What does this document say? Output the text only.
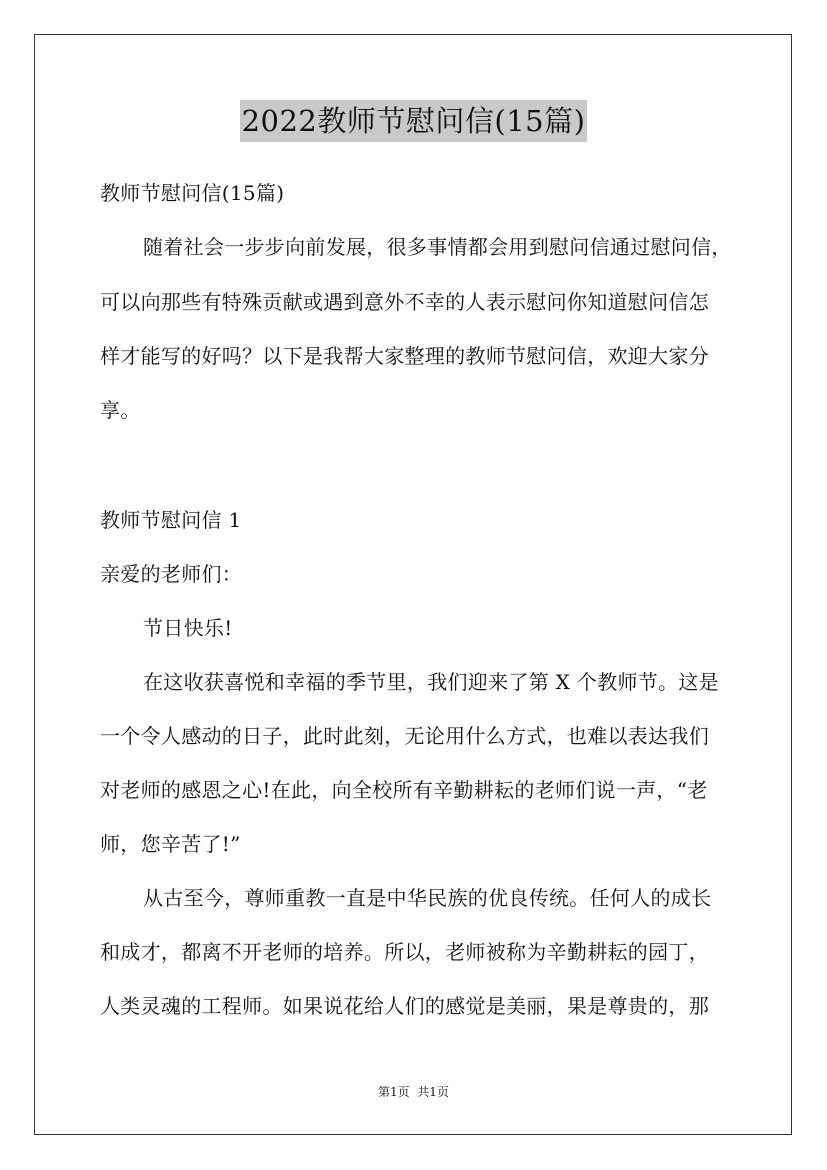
2022教师节慰问信(15篇)
教师节慰问信(15篇)
随着社会一步步向前发展，很多事情都会用到慰问信通过慰问信，
可以向那些有特殊贡献或遇到意外不幸的人表示慰问你知道慰问信怎
样才能写的好吗？以下是我帮大家整理的教师节慰问信，欢迎大家分
享。
教师节慰问信 1
亲爱的老师们：
节日快乐!
在这收获喜悦和幸福的季节里，我们迎来了第 X 个教师节。这是
一个令人感动的日子，此时此刻，无论用什么方式，也难以表达我们
对老师的感恩之心!在此，向全校所有辛勤耕耘的老师们说一声，“老
师，您辛苦了!”
从古至今，尊师重教一直是中华民族的优良传统。任何人的成长
和成才，都离不开老师的培养。所以，老师被称为辛勤耕耘的园丁，
人类灵魂的工程师。如果说花给人们的感觉是美丽，果是尊贵的，那
第1页  共1页
